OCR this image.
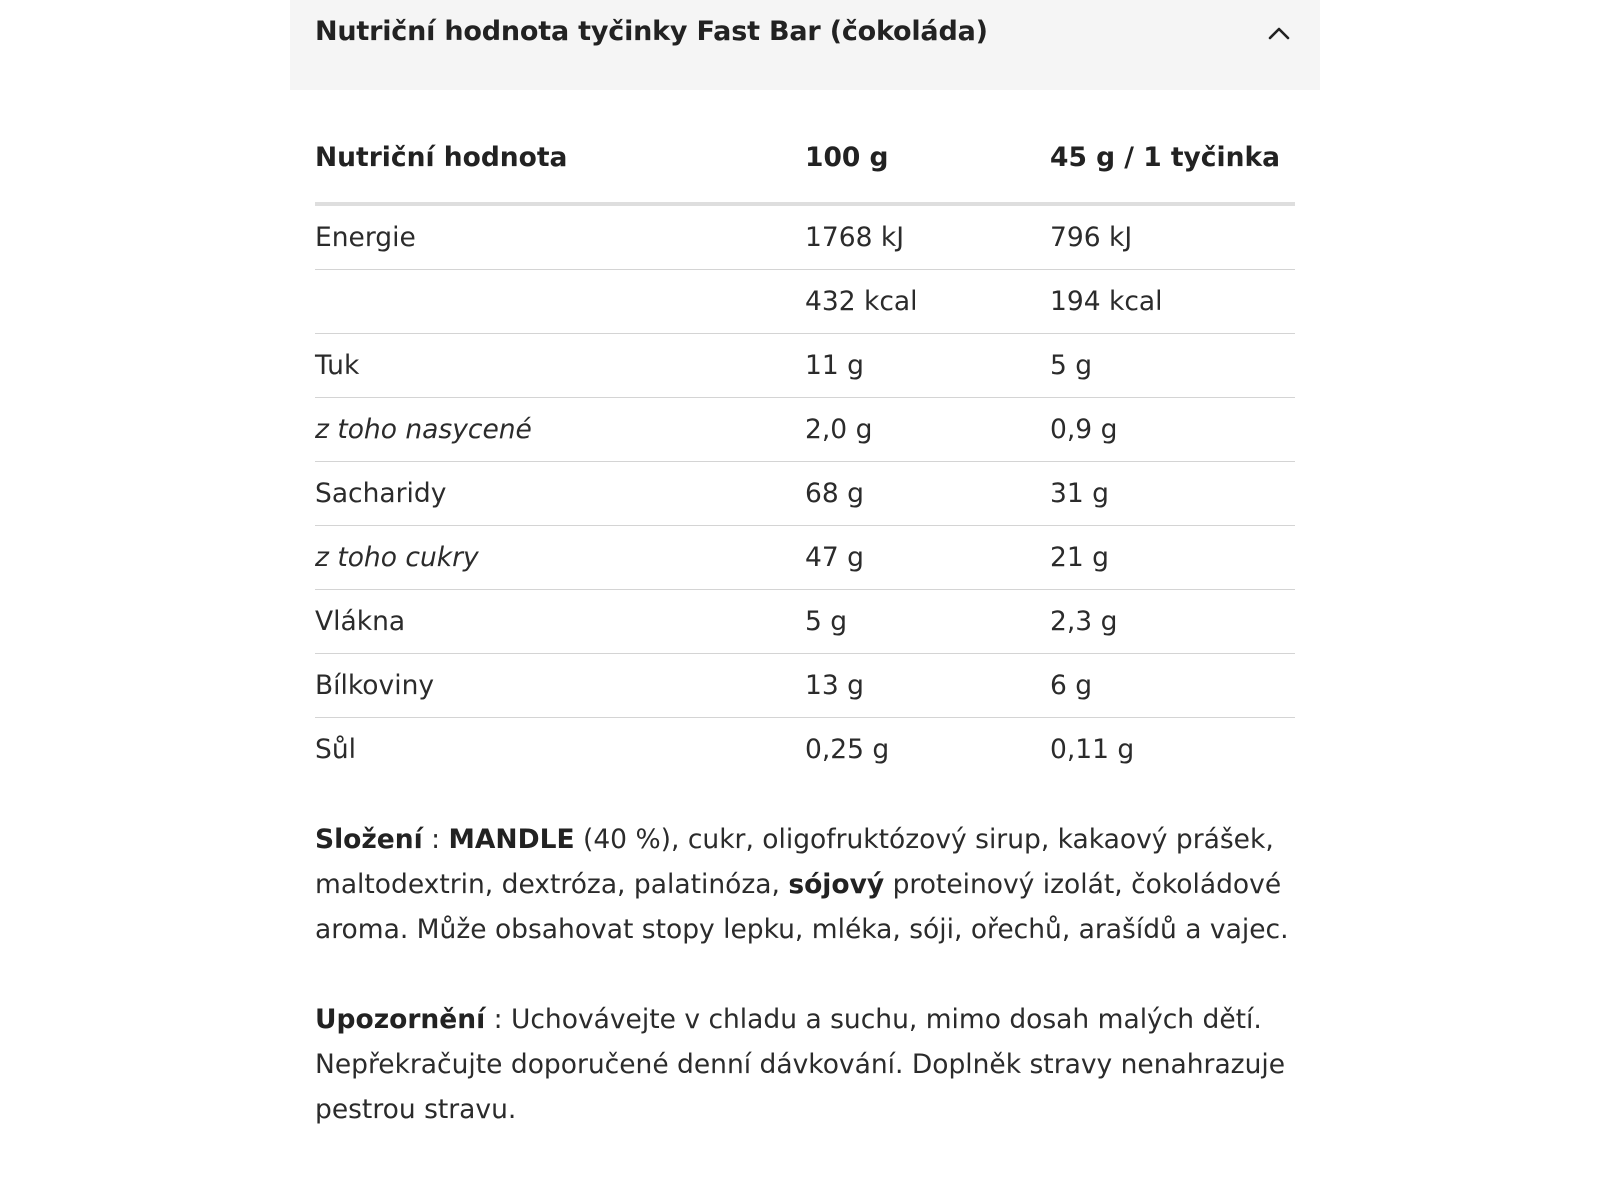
Nutriční hodnota tyčinky Fast Bar (čokoláda)
Nutriční hodnota	100 g	45 g / 1 tyčinka
Energie	1768 kJ	796 kJ
	432 kcal	194 kcal
Tuk	11 g	5 g
z toho nasycené	2,0 g	0,9 g
Sacharidy	68 g	31 g
z toho cukry	47 g	21 g
Vláknа	5 g	2,3 g
Bílkoviny	13 g	6 g
Sůl	0,25 g	0,11 g

Složení : MANDLE (40 %), cukr, oligofruktózový sirup, kakaový prášek, maltodextrin, dextróza, palatinóza, sójový proteinový izolát, čokoládové aroma. Může obsahovat stopy lepku, mléka, sóji, ořechů, arašídů a vajec.

Upozornění : Uchovávejte v chladu a suchu, mimo dosah malých dětí. Nepřekračujte doporučené denní dávkování. Doplněk stravy nenahrazuje pestrou stravu.
